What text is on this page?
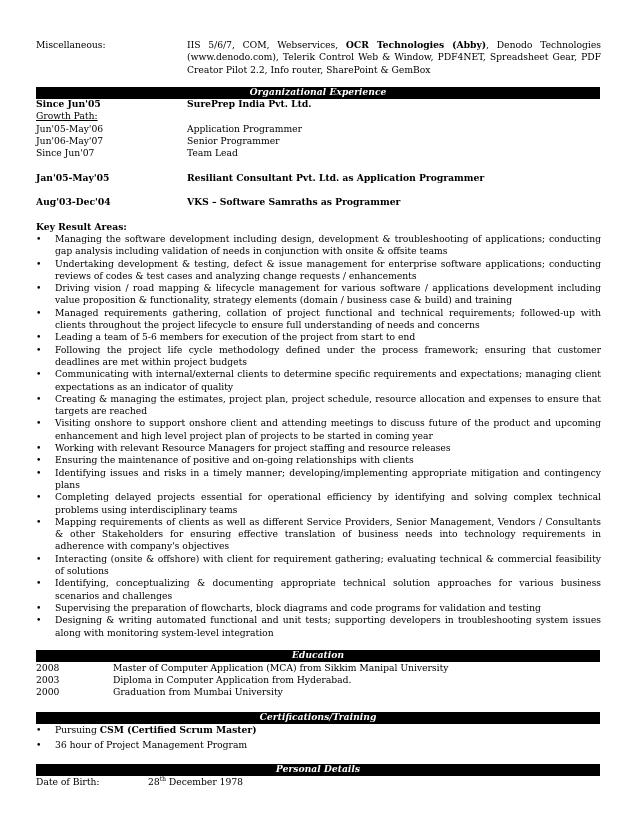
Miscellaneous:	IIS 5/6/7, COM, Webservices, OCR Technologies (Abby), Denodo Technologies (www.denodo.com), Telerik Control Web & Window, PDF4NET, Spreadsheet Gear, PDF Creator Pilot 2.2, Info router, SharePoint & GemBox
Organizational Experience
Since Jun'05	SurePrep India Pvt. Ltd.
Growth Path:
Jun'05-May'06	Application Programmer
Jun'06-May'07	Senior Programmer
Since Jun'07	Team Lead
Jan'05-May'05	Resiliant Consultant Pvt. Ltd. as Application Programmer
Aug'03-Dec'04	VKS – Software Samraths as Programmer
Key Result Areas:
• Managing the software development including design, development & troubleshooting of applications; conducting gap analysis including validation of needs in conjunction with onsite & offsite teams
• Undertaking development & testing, defect & issue management for enterprise software applications; conducting reviews of codes & test cases and analyzing change requests / enhancements
• Driving vision / road mapping & lifecycle management for various software / applications development including value proposition & functionality, strategy elements (domain / business case & build) and training
• Managed requirements gathering, collation of project functional and technical requirements; followed-up with clients throughout the project lifecycle to ensure full understanding of needs and concerns
• Leading a team of 5-6 members for execution of the project from start to end
• Following the project life cycle methodology defined under the process framework; ensuring that customer deadlines are met within project budgets
• Communicating with internal/external clients to determine specific requirements and expectations; managing client expectations as an indicator of quality
• Creating & managing the estimates, project plan, project schedule, resource allocation and expenses to ensure that targets are reached
• Visiting onshore to support onshore client and attending meetings to discuss future of the product and upcoming enhancement and high level project plan of projects to be started in coming year
• Working with relevant Resource Managers for project staffing and resource releases
• Ensuring the maintenance of positive and on-going relationships with clients
• Identifying issues and risks in a timely manner; developing/implementing appropriate mitigation and contingency plans
• Completing delayed projects essential for operational efficiency by identifying and solving complex technical problems using interdisciplinary teams
• Mapping requirements of clients as well as different Service Providers, Senior Management, Vendors / Consultants & other Stakeholders for ensuring effective translation of business needs into technology requirements in adherence with company's objectives
• Interacting (onsite & offshore) with client for requirement gathering; evaluating technical & commercial feasibility of solutions
• Identifying, conceptualizing & documenting appropriate technical solution approaches for various business scenarios and challenges
• Supervising the preparation of flowcharts, block diagrams and code programs for validation and testing
• Designing & writing automated functional and unit tests; supporting developers in troubleshooting system issues along with monitoring system-level integration
Education
2008	Master of Computer Application (MCA) from Sikkim Manipal University
2003	Diploma in Computer Application from Hyderabad.
2000	Graduation from Mumbai University
Certifications/Training
• Pursuing CSM (Certified Scrum Master)
• 36 hour of Project Management Program
Personal Details
Date of Birth:	28th December 1978
